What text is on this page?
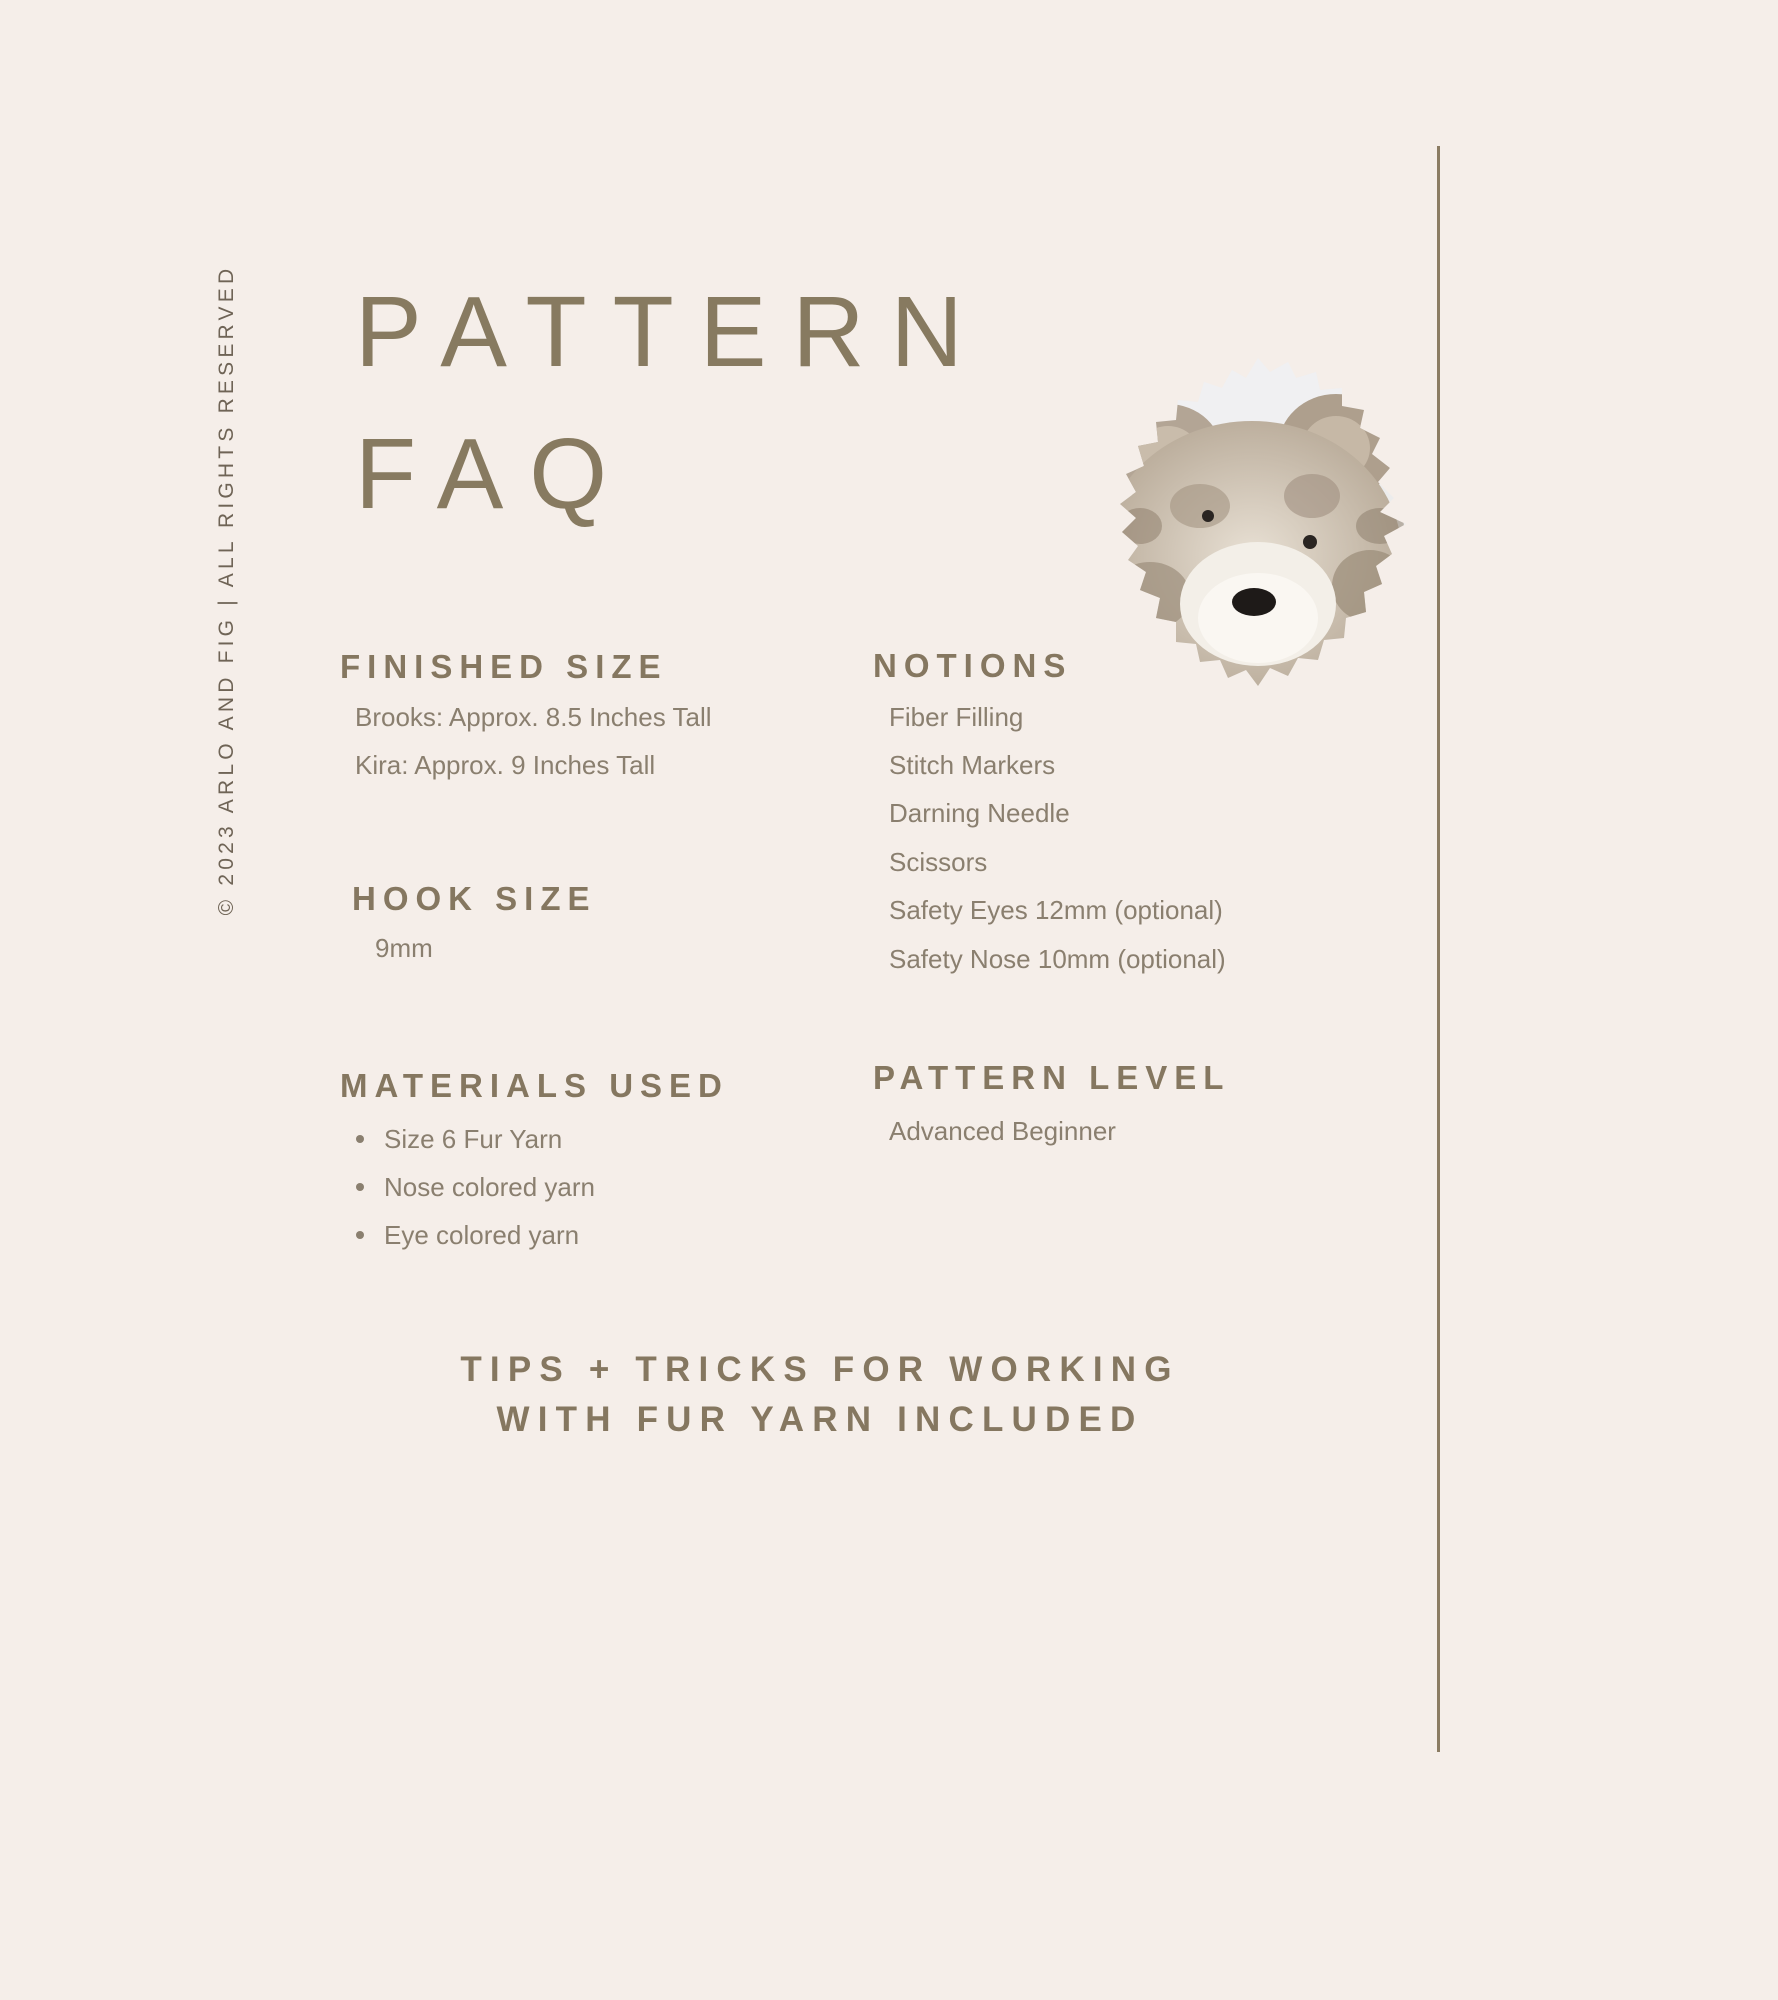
© 2023 ARLO AND FIG | ALL RIGHTS RESERVED PATTERN
FAQ
FINISHED SIZE
Brooks: Approx. 8.5 Inches Tall
Kira: Approx. 9 Inches Tall
HOOK SIZE
9mm
MATERIALS USED
Size 6 Fur Yarn
Nose colored yarn
Eye colored yarn
NOTIONS
Fiber Filling
Stitch Markers
Darning Needle
Scissors
Safety Eyes 12mm (optional)
Safety Nose 10mm (optional)
PATTERN LEVEL
Advanced Beginner
TIPS + TRICKS FOR WORKING
WITH FUR YARN INCLUDED
